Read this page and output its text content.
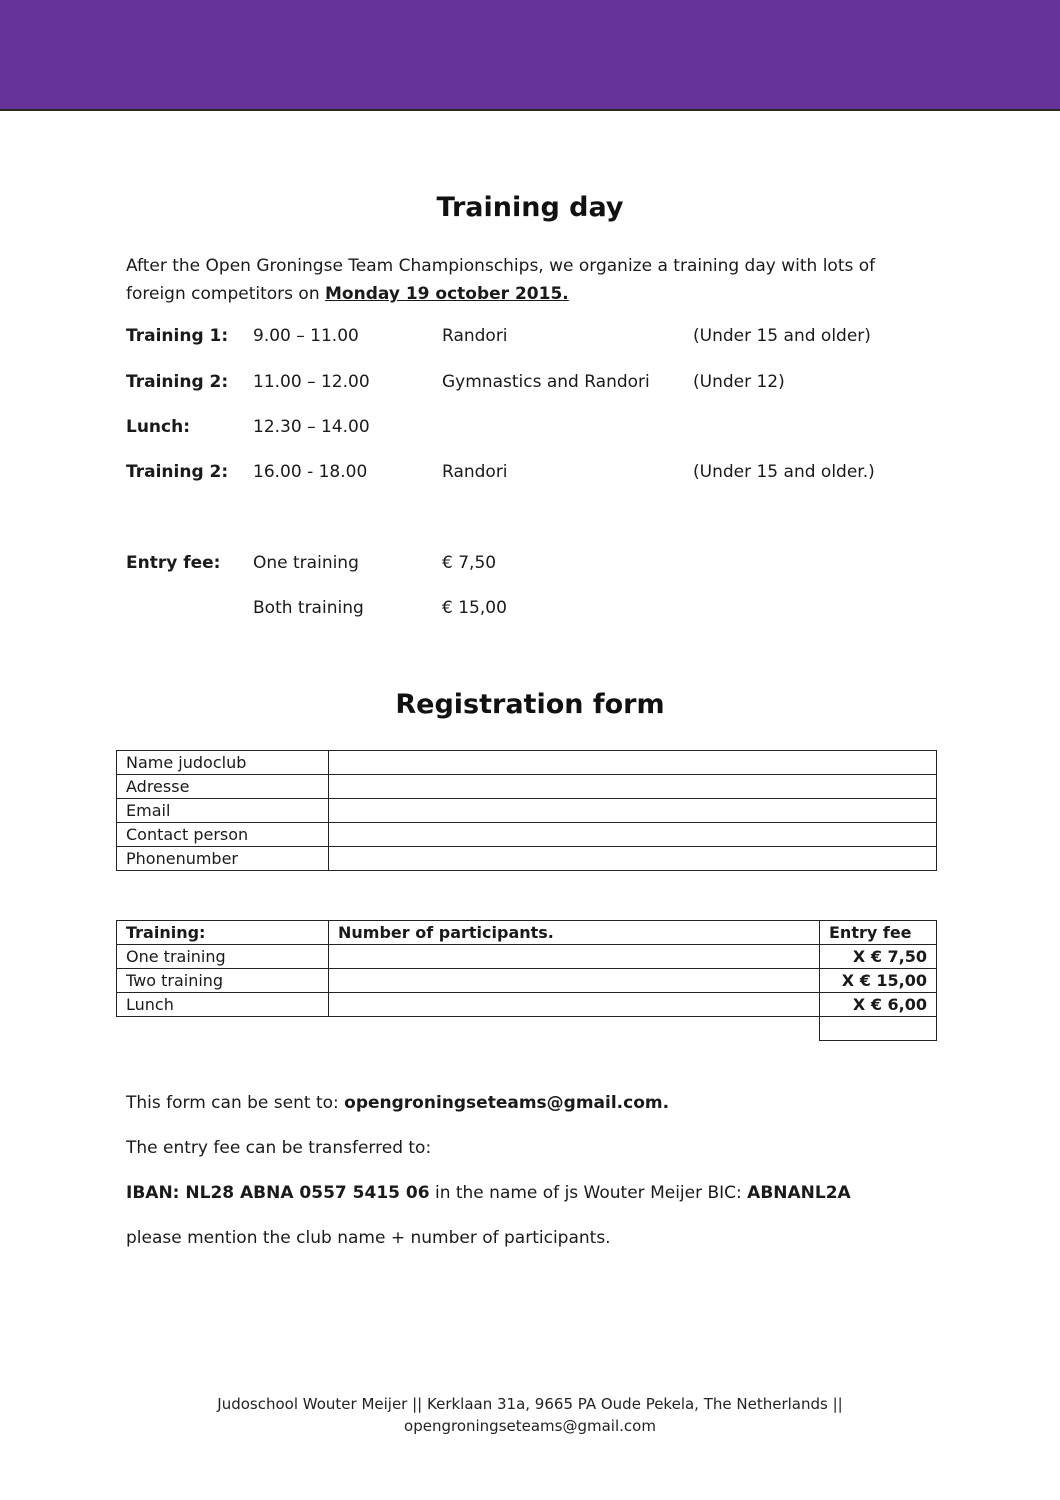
Training day
After the Open Groningse Team Championschips, we organize a training day with lots of foreign competitors on Monday 19 october 2015.
Training 1: 9.00 – 11.00	Randori	(Under 15 and older)
Training 2: 11.00 – 12.00	Gymnastics and Randori	(Under 12)
Lunch:	12.30 – 14.00
Training 2: 16.00 - 18.00	Randori	(Under 15 and older.)
Entry fee: One training	€ 7,50
Both training	€ 15,00
Registration form
Name judoclub	
Adresse	
Email	
Contact person	
Phonenumber	
Training:	Number of participants.	Entry fee
One training		X € 7,50
Two training		X € 15,00
Lunch		X € 6,00

This form can be sent to: opengroningseteams@gmail.com.
The entry fee can be transferred to:
IBAN: NL28 ABNA 0557 5415 06 in the name of js Wouter Meijer BIC: ABNANL2A
please mention the club name + number of participants.
Judoschool Wouter Meijer || Kerklaan 31a, 9665 PA Oude Pekela, The Netherlands ||
opengroningseteams@gmail.com
